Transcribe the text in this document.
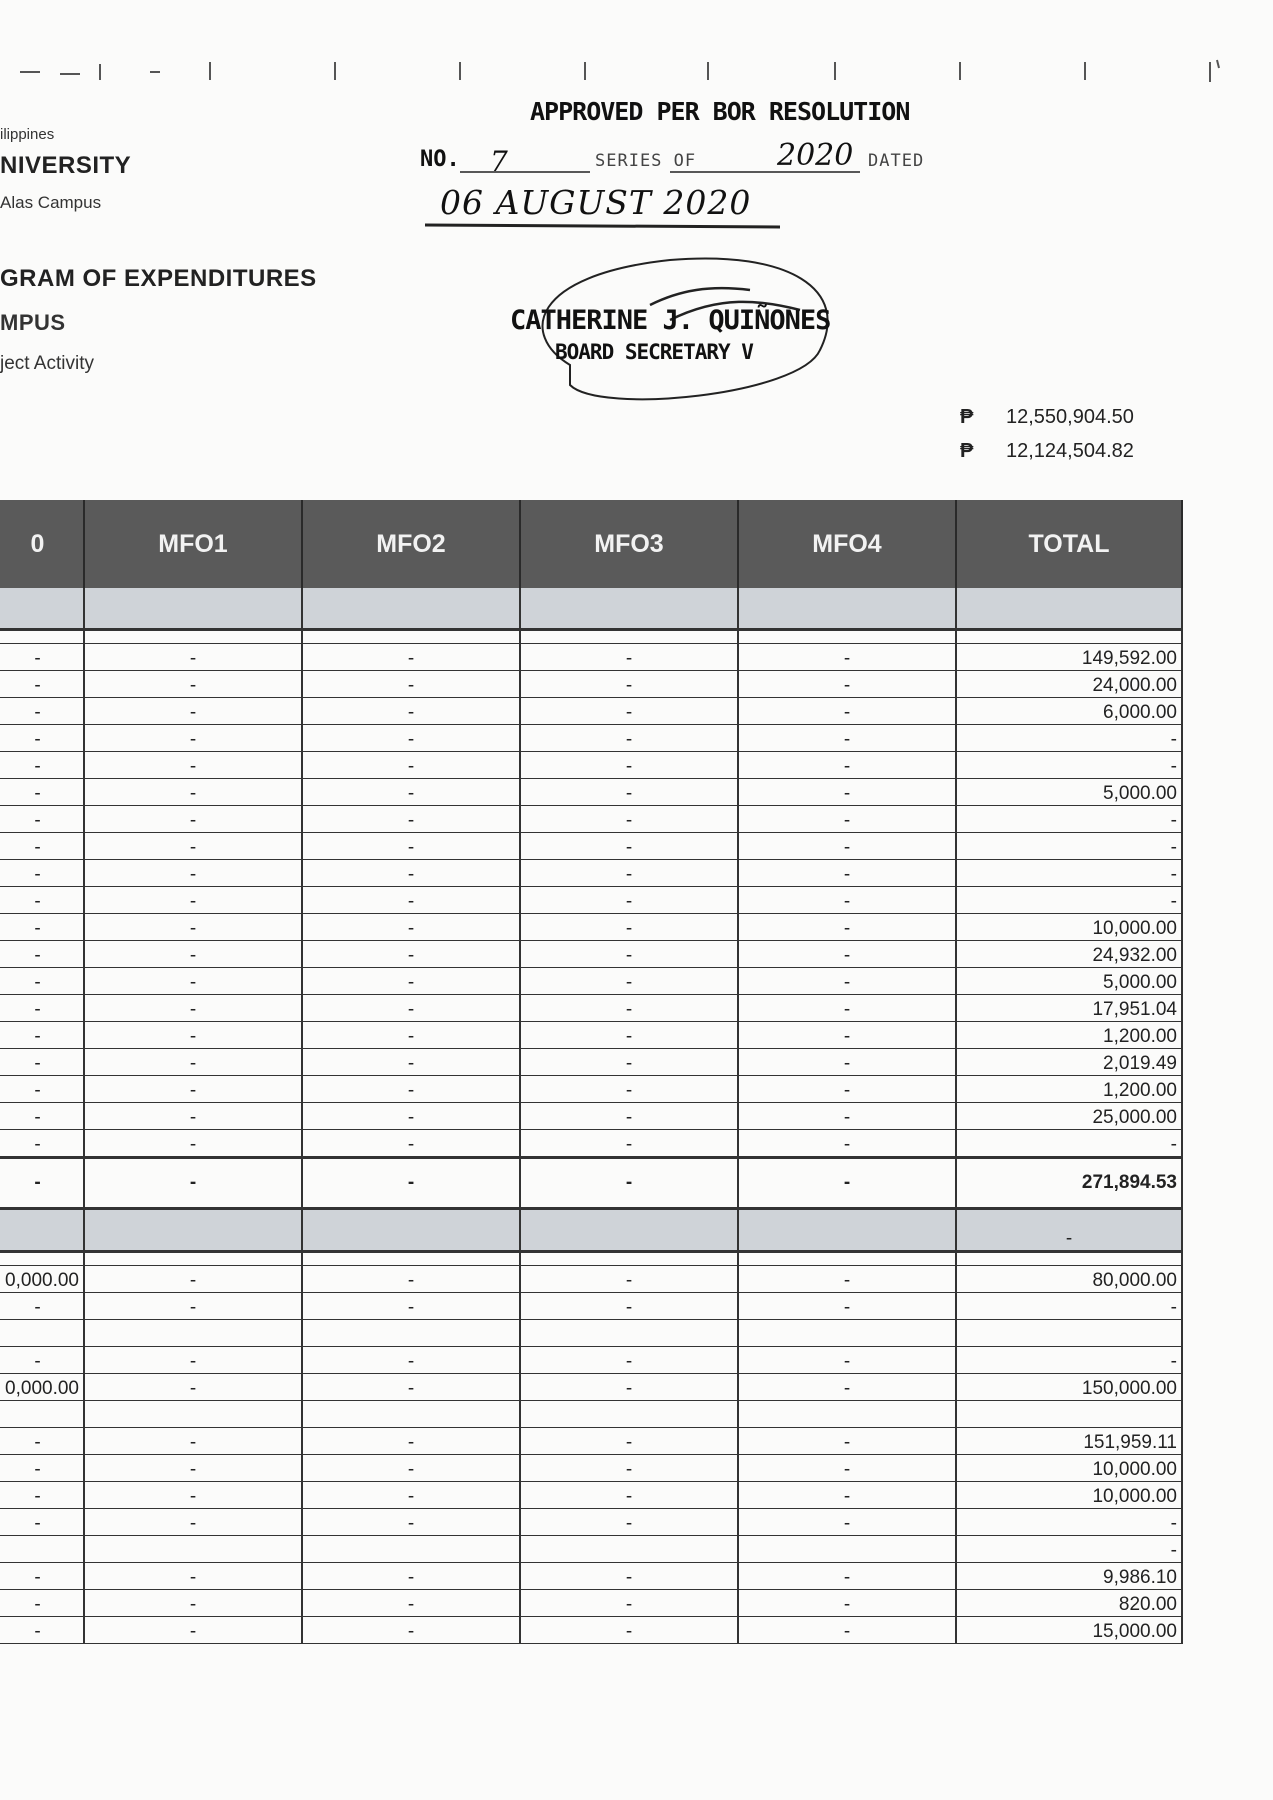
ilippines
NIVERSITY
Alas Campus
GRAM OF EXPENDITURES
MPUS
ject Activity
APPROVED PER BOR RESOLUTION
NO. 7	SERIES OF	2020 DATED
06 AUGUST 2020
CATHERINE J. QUIÑONES
BOARD SECRETARY V
₱ 12,550,904.50
₱ 12,124,504.82
0	MFO1	MFO2	MFO3	MFO4	TOTAL

-	-	-	-	-	149,592.00
-	-	-	-	-	24,000.00
-	-	-	-	-	6,000.00
-	-	-	-	-	-
-	-	-	-	-	-
-	-	-	-	-	5,000.00
-	-	-	-	-	-
-	-	-	-	-	-
-	-	-	-	-	-
-	-	-	-	-	-
-	-	-	-	-	10,000.00
-	-	-	-	-	24,932.00
-	-	-	-	-	5,000.00
-	-	-	-	-	17,951.04
-	-	-	-	-	1,200.00
-	-	-	-	-	2,019.49
-	-	-	-	-	1,200.00
-	-	-	-	-	25,000.00
-	-	-	-	-	-
-	-	-	-	-	271,894.53
					-

0,000.00	-	-	-	-	80,000.00
-	-	-	-	-	-

-	-	-	-	-	-
0,000.00	-	-	-	-	150,000.00

-	-	-	-	-	151,959.11
-	-	-	-	-	10,000.00
-	-	-	-	-	10,000.00
-	-	-	-	-	-
					-
-	-	-	-	-	9,986.10
-	-	-	-	-	820.00
-	-	-	-	-	15,000.00
